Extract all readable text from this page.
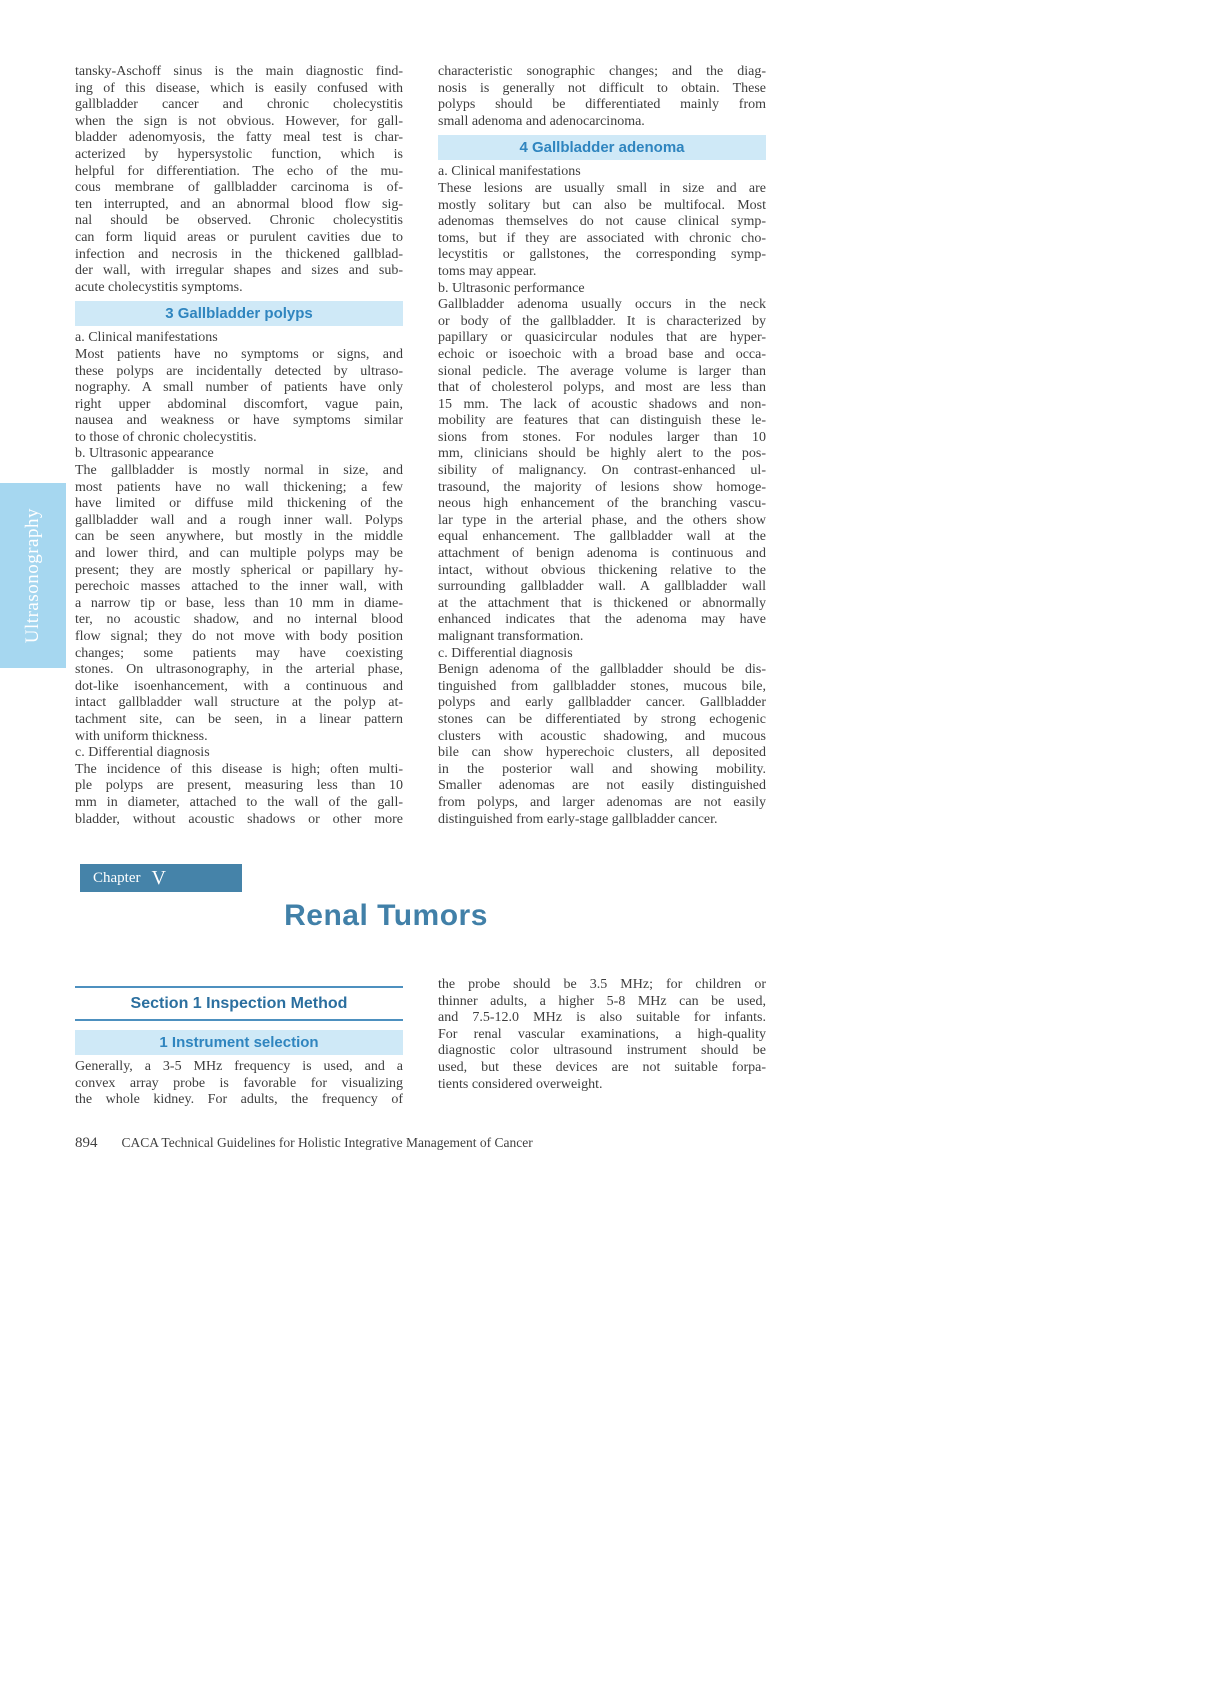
Ultrasonography
tansky-Aschoff sinus is the main diagnostic find-
ing of this disease, which is easily confused with
gallbladder cancer and chronic cholecystitis
when the sign is not obvious. However, for gall-
bladder adenomyosis, the fatty meal test is char-
acterized by hypersystolic function, which is
helpful for differentiation. The echo of the mu-
cous membrane of gallbladder carcinoma is of-
ten interrupted, and an abnormal blood flow sig-
nal should be observed. Chronic cholecystitis
can form liquid areas or purulent cavities due to
infection and necrosis in the thickened gallblad-
der wall, with irregular shapes and sizes and sub-
acute cholecystitis symptoms.
3 Gallbladder polyps
a. Clinical manifestations
Most patients have no symptoms or signs, and
these polyps are incidentally detected by ultraso-
nography. A small number of patients have only
right upper abdominal discomfort, vague pain,
nausea and weakness or have symptoms similar
to those of chronic cholecystitis.
b. Ultrasonic appearance
The gallbladder is mostly normal in size, and
most patients have no wall thickening; a few
have limited or diffuse mild thickening of the
gallbladder wall and a rough inner wall. Polyps
can be seen anywhere, but mostly in the middle
and lower third, and can multiple polyps may be
present; they are mostly spherical or papillary hy-
perechoic masses attached to the inner wall, with
a narrow tip or base, less than 10 mm in diame-
ter, no acoustic shadow, and no internal blood
flow signal; they do not move with body position
changes; some patients may have coexisting
stones. On ultrasonography, in the arterial phase,
dot-like isoenhancement, with a continuous and
intact gallbladder wall structure at the polyp at-
tachment site, can be seen, in a linear pattern
with uniform thickness.
c. Differential diagnosis
The incidence of this disease is high; often multi-
ple polyps are present, measuring less than 10
mm in diameter, attached to the wall of the gall-
bladder, without acoustic shadows or other more
characteristic sonographic changes; and the diag-
nosis is generally not difficult to obtain. These
polyps should be differentiated mainly from
small adenoma and adenocarcinoma.
4 Gallbladder adenoma
a. Clinical manifestations
These lesions are usually small in size and are
mostly solitary but can also be multifocal. Most
adenomas themselves do not cause clinical symp-
toms, but if they are associated with chronic cho-
lecystitis or gallstones, the corresponding symp-
toms may appear.
b. Ultrasonic performance
Gallbladder adenoma usually occurs in the neck
or body of the gallbladder. It is characterized by
papillary or quasicircular nodules that are hyper-
echoic or isoechoic with a broad base and occa-
sional pedicle. The average volume is larger than
that of cholesterol polyps, and most are less than
15 mm. The lack of acoustic shadows and non-
mobility are features that can distinguish these le-
sions from stones. For nodules larger than 10
mm, clinicians should be highly alert to the pos-
sibility of malignancy. On contrast-enhanced ul-
trasound, the majority of lesions show homoge-
neous high enhancement of the branching vascu-
lar type in the arterial phase, and the others show
equal enhancement. The gallbladder wall at the
attachment of benign adenoma is continuous and
intact, without obvious thickening relative to the
surrounding gallbladder wall. A gallbladder wall
at the attachment that is thickened or abnormally
enhanced indicates that the adenoma may have
malignant transformation.
c. Differential diagnosis
Benign adenoma of the gallbladder should be dis-
tinguished from gallbladder stones, mucous bile,
polyps and early gallbladder cancer. Gallbladder
stones can be differentiated by strong echogenic
clusters with acoustic shadowing, and mucous
bile can show hyperechoic clusters, all deposited
in the posterior wall and showing mobility.
Smaller adenomas are not easily distinguished
from polyps, and larger adenomas are not easily
distinguished from early-stage gallbladder cancer.
Chapter V
Renal Tumors
Section 1 Inspection Method
1 Instrument selection
Generally, a 3-5 MHz frequency is used, and a
convex array probe is favorable for visualizing
the whole kidney. For adults, the frequency of
the probe should be 3.5 MHz; for children or
thinner adults, a higher 5-8 MHz can be used,
and 7.5-12.0 MHz is also suitable for infants.
For renal vascular examinations, a high-quality
diagnostic color ultrasound instrument should be
used, but these devices are not suitable forpa-
tients considered overweight.
894 CACA Technical Guidelines for Holistic Integrative Management of Cancer
